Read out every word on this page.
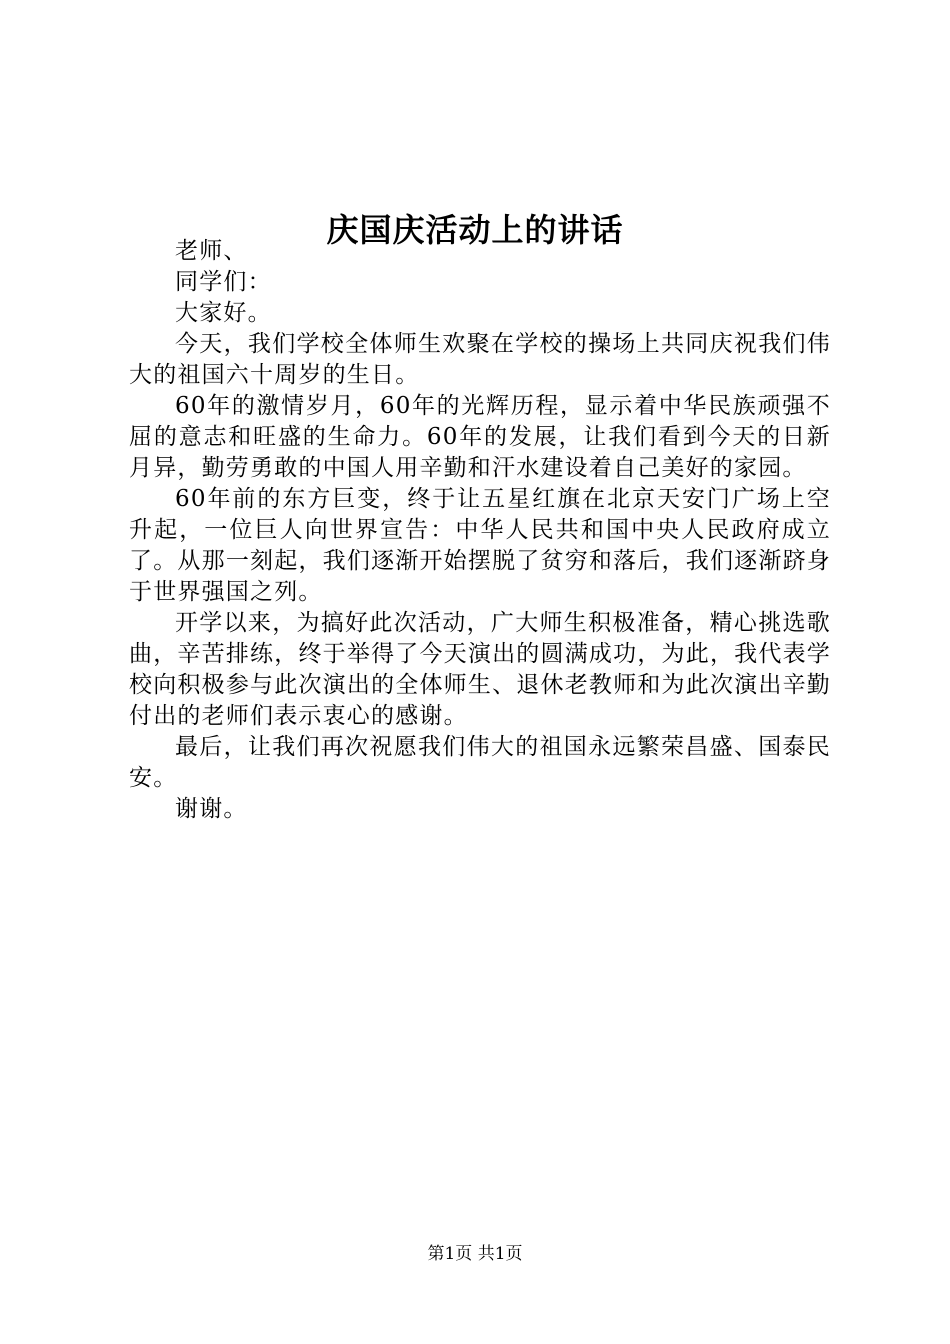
庆国庆活动上的讲话

老师、

同学们：

大家好。

今天，我们学校全体师生欢聚在学校的操场上共同庆祝我们伟大的祖国六十周岁的生日。

60年的激情岁月，60年的光辉历程，显示着中华民族顽强不屈的意志和旺盛的生命力。60年的发展，让我们看到今天的日新月异，勤劳勇敢的中国人用辛勤和汗水建设着自己美好的家园。

60年前的东方巨变，终于让五星红旗在北京天安门广场上空升起，一位巨人向世界宣告：中华人民共和国中央人民政府成立了。从那一刻起，我们逐渐开始摆脱了贫穷和落后，我们逐渐跻身于世界强国之列。

开学以来，为搞好此次活动，广大师生积极准备，精心挑选歌曲，辛苦排练，终于举得了今天演出的圆满成功，为此，我代表学校向积极参与此次演出的全体师生、退休老教师和为此次演出辛勤付出的老师们表示衷心的感谢。

最后，让我们再次祝愿我们伟大的祖国永远繁荣昌盛、国泰民安。

谢谢。

第1页 共1页
